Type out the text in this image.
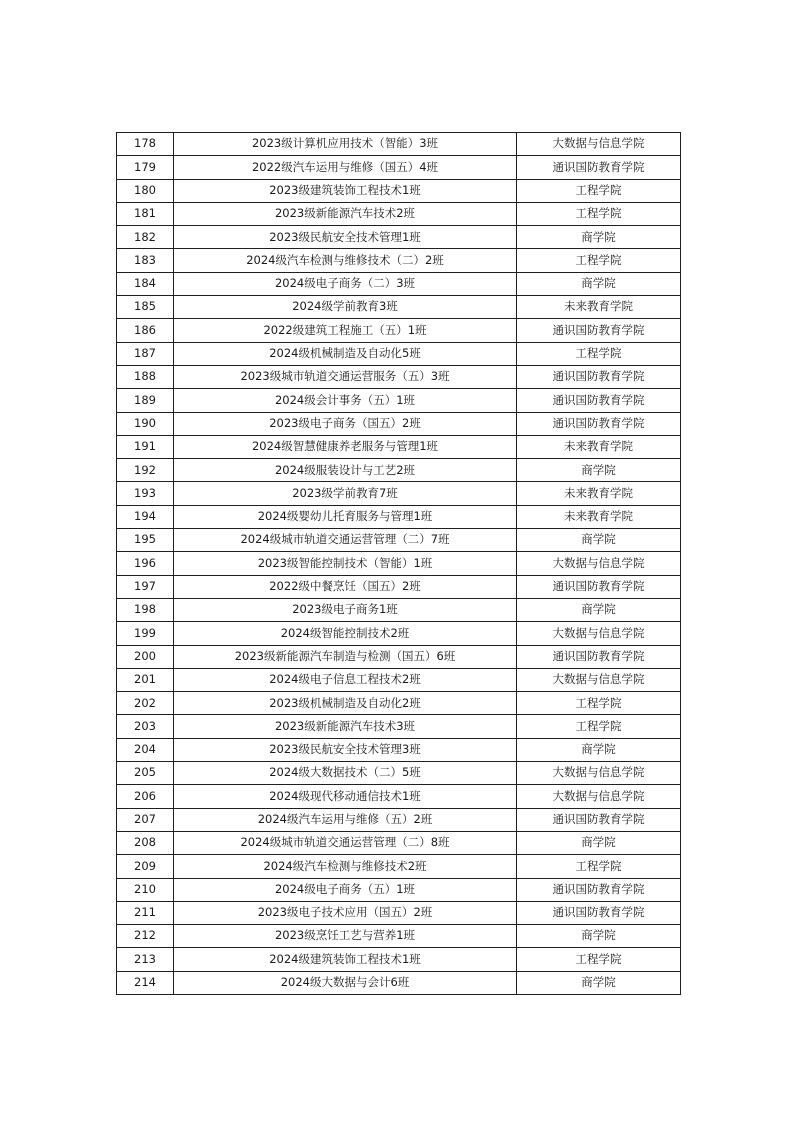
178	2023级计算机应用技术（智能）3班	大数据与信息学院
179	2022级汽车运用与维修（国五）4班	通识国防教育学院
180	2023级建筑装饰工程技术1班	工程学院
181	2023级新能源汽车技术2班	工程学院
182	2023级民航安全技术管理1班	商学院
183	2024级汽车检测与维修技术（二）2班	工程学院
184	2024级电子商务（二）3班	商学院
185	2024级学前教育3班	未来教育学院
186	2022级建筑工程施工（五）1班	通识国防教育学院
187	2024级机械制造及自动化5班	工程学院
188	2023级城市轨道交通运营服务（五）3班	通识国防教育学院
189	2024级会计事务（五）1班	通识国防教育学院
190	2023级电子商务（国五）2班	通识国防教育学院
191	2024级智慧健康养老服务与管理1班	未来教育学院
192	2024级服装设计与工艺2班	商学院
193	2023级学前教育7班	未来教育学院
194	2024级婴幼儿托育服务与管理1班	未来教育学院
195	2024级城市轨道交通运营管理（二）7班	商学院
196	2023级智能控制技术（智能）1班	大数据与信息学院
197	2022级中餐烹饪（国五）2班	通识国防教育学院
198	2023级电子商务1班	商学院
199	2024级智能控制技术2班	大数据与信息学院
200	2023级新能源汽车制造与检测（国五）6班	通识国防教育学院
201	2024级电子信息工程技术2班	大数据与信息学院
202	2023级机械制造及自动化2班	工程学院
203	2023级新能源汽车技术3班	工程学院
204	2023级民航安全技术管理3班	商学院
205	2024级大数据技术（二）5班	大数据与信息学院
206	2024级现代移动通信技术1班	大数据与信息学院
207	2024级汽车运用与维修（五）2班	通识国防教育学院
208	2024级城市轨道交通运营管理（二）8班	商学院
209	2024级汽车检测与维修技术2班	工程学院
210	2024级电子商务（五）1班	通识国防教育学院
211	2023级电子技术应用（国五）2班	通识国防教育学院
212	2023级烹饪工艺与营养1班	商学院
213	2024级建筑装饰工程技术1班	工程学院
214	2024级大数据与会计6班	商学院
